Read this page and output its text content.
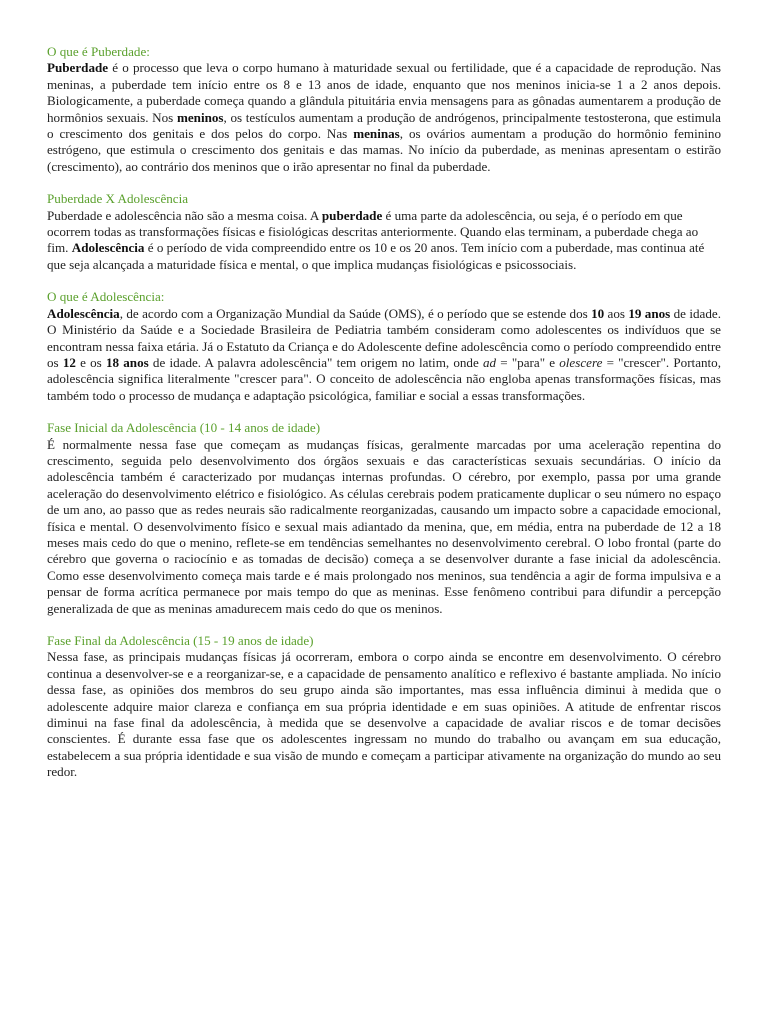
O que é Puberdade:

Puberdade é o processo que leva o corpo humano à maturidade sexual ou fertilidade, que é a capacidade de reprodução. Nas meninas, a puberdade tem início entre os 8 e 13 anos de idade, enquanto que nos meninos inicia-se 1 a 2 anos depois. Biologicamente, a puberdade começa quando a glândula pituitária envia mensagens para as gônadas aumentarem a produção de hormônios sexuais. Nos meninos, os testículos aumentam a produção de andrógenos, principalmente testosterona, que estimula o crescimento dos genitais e dos pelos do corpo. Nas meninas, os ovários aumentam a produção do hormônio feminino estrógeno, que estimula o crescimento dos genitais e das mamas. No início da puberdade, as meninas apresentam o estirão (crescimento), ao contrário dos meninos que o irão apresentar no final da puberdade.

Puberdade X Adolescência

Puberdade e adolescência não são a mesma coisa. A puberdade é uma parte da adolescência, ou seja, é o período em que ocorrem todas as transformações físicas e fisiológicas descritas anteriormente. Quando elas terminam, a puberdade chega ao fim. Adolescência é o período de vida compreendido entre os 10 e os 20 anos. Tem início com a puberdade, mas continua até que seja alcançada a maturidade física e mental, o que implica mudanças fisiológicas e psicossociais.

O que é Adolescência:

Adolescência, de acordo com a Organização Mundial da Saúde (OMS), é o período que se estende dos 10 aos 19 anos de idade. O Ministério da Saúde e a Sociedade Brasileira de Pediatria também consideram como adolescentes os indivíduos que se encontram nessa faixa etária. Já o Estatuto da Criança e do Adolescente define adolescência como o período compreendido entre os 12 e os 18 anos de idade. A palavra adolescência" tem origem no latim, onde ad = "para" e olescere = "crescer". Portanto, adolescência significa literalmente "crescer para". O conceito de adolescência não engloba apenas transformações físicas, mas também todo o processo de mudança e adaptação psicológica, familiar e social a essas transformações.

Fase Inicial da Adolescência (10 - 14 anos de idade)

É normalmente nessa fase que começam as mudanças físicas, geralmente marcadas por uma aceleração repentina do crescimento, seguida pelo desenvolvimento dos órgãos sexuais e das características sexuais secundárias. O início da adolescência também é caracterizado por mudanças internas profundas. O cérebro, por exemplo, passa por uma grande aceleração do desenvolvimento elétrico e fisiológico. As células cerebrais podem praticamente duplicar o seu número no espaço de um ano, ao passo que as redes neurais são radicalmente reorganizadas, causando um impacto sobre a capacidade emocional, física e mental. O desenvolvimento físico e sexual mais adiantado da menina, que, em média, entra na puberdade de 12 a 18 meses mais cedo do que o menino, reflete-se em tendências semelhantes no desenvolvimento cerebral. O lobo frontal (parte do cérebro que governa o raciocínio e as tomadas de decisão) começa a se desenvolver durante a fase inicial da adolescência. Como esse desenvolvimento começa mais tarde e é mais prolongado nos meninos, sua tendência a agir de forma impulsiva e a pensar de forma acrítica permanece por mais tempo do que as meninas. Esse fenômeno contribui para difundir a percepção generalizada de que as meninas amadurecem mais cedo do que os meninos.

Fase Final da Adolescência (15 - 19 anos de idade)

Nessa fase, as principais mudanças físicas já ocorreram, embora o corpo ainda se encontre em desenvolvimento. O cérebro continua a desenvolver-se e a reorganizar-se, e a capacidade de pensamento analítico e reflexivo é bastante ampliada. No início dessa fase, as opiniões dos membros do seu grupo ainda são importantes, mas essa influência diminui à medida que o adolescente adquire maior clareza e confiança em sua própria identidade e em suas opiniões. A atitude de enfrentar riscos diminui na fase final da adolescência, à medida que se desenvolve a capacidade de avaliar riscos e de tomar decisões conscientes. É durante essa fase que os adolescentes ingressam no mundo do trabalho ou avançam em sua educação, estabelecem a sua própria identidade e sua visão de mundo e começam a participar ativamente na organização do mundo ao seu redor.
